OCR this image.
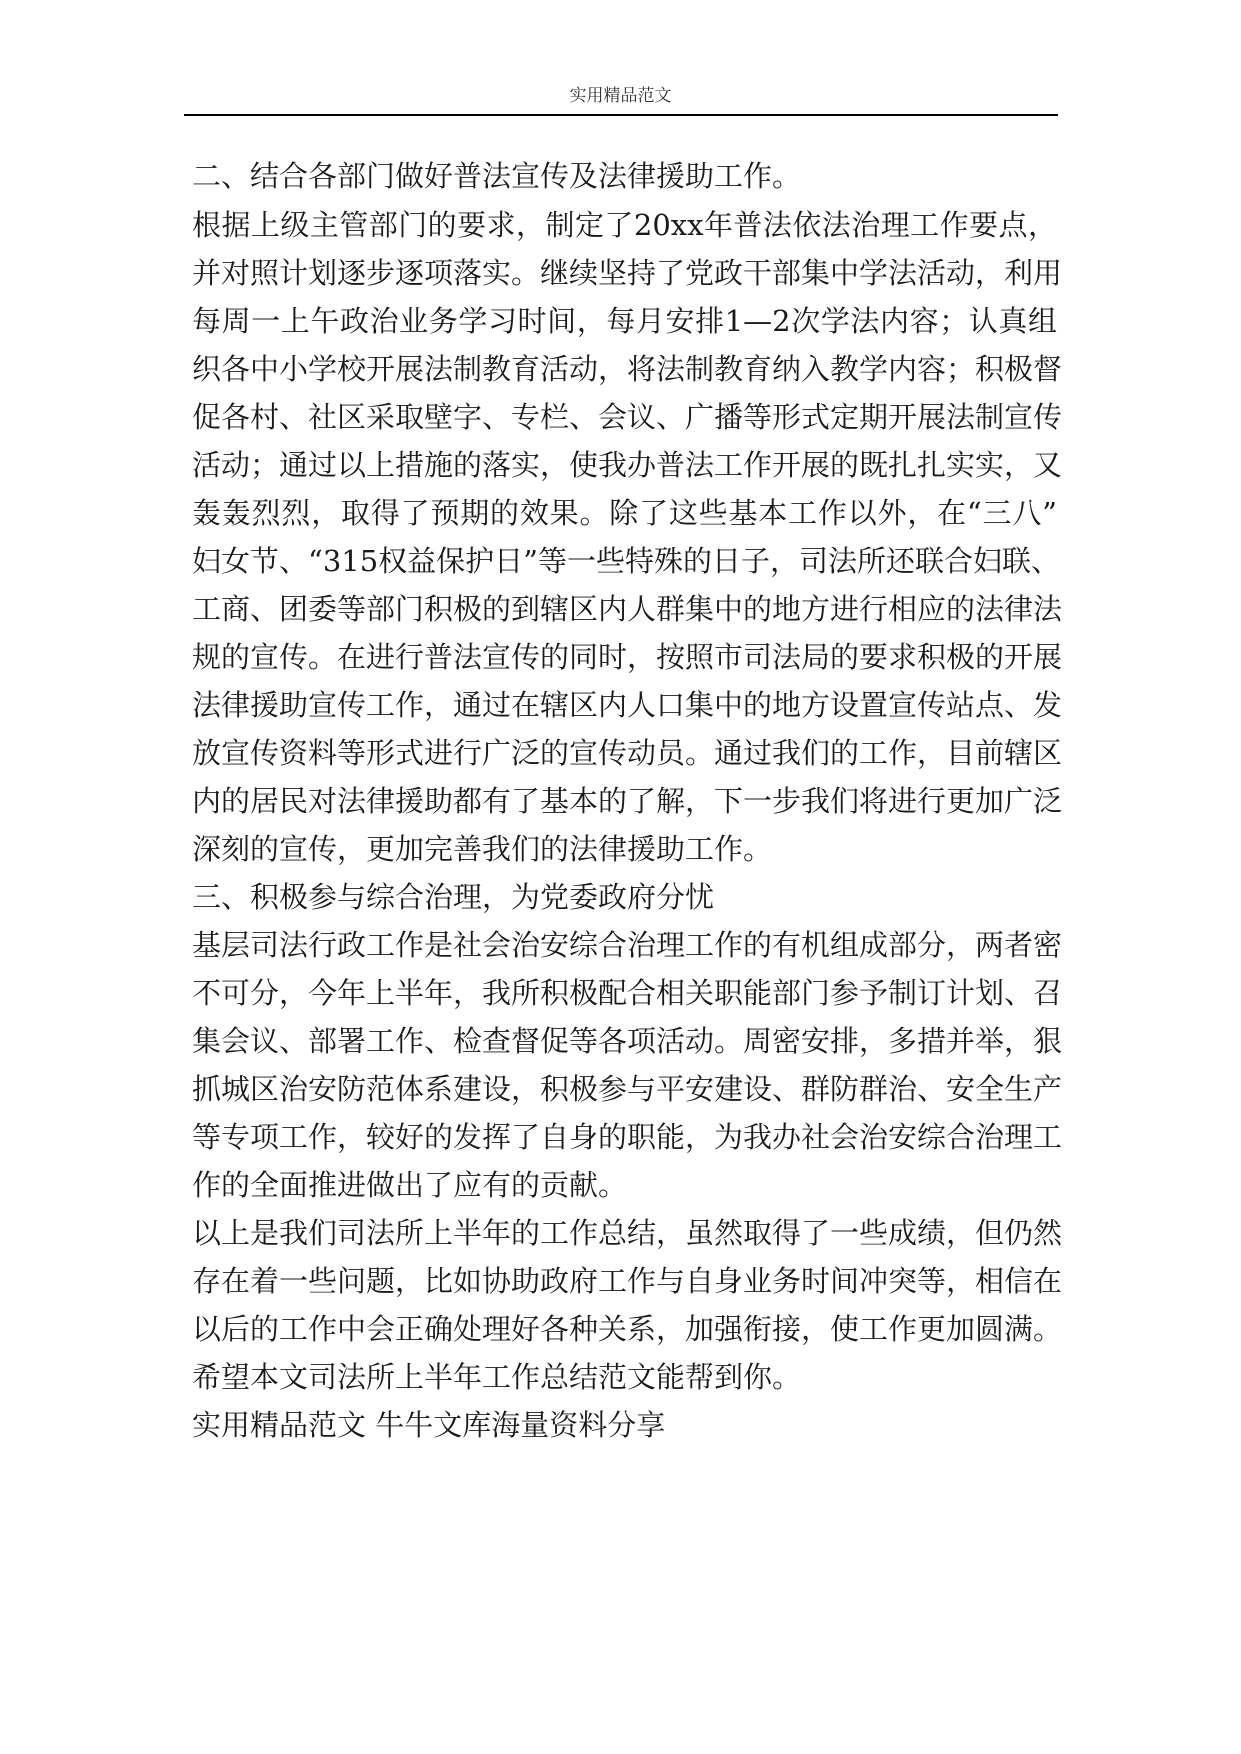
实用精品范文
二、结合各部门做好普法宣传及法律援助工作。
根据上级主管部门的要求，制定了20xx年普法依法治理工作要点，
并对照计划逐步逐项落实。继续坚持了党政干部集中学法活动，利用
每周一上午政治业务学习时间，每月安排1—2次学法内容；认真组
织各中小学校开展法制教育活动，将法制教育纳入教学内容；积极督
促各村、社区采取壁字、专栏、会议、广播等形式定期开展法制宣传
活动；通过以上措施的落实，使我办普法工作开展的既扎扎实实，又
轰轰烈烈，取得了预期的效果。除了这些基本工作以外，在“三八”
妇女节、“315权益保护日”等一些特殊的日子，司法所还联合妇联、
工商、团委等部门积极的到辖区内人群集中的地方进行相应的法律法
规的宣传。在进行普法宣传的同时，按照市司法局的要求积极的开展
法律援助宣传工作，通过在辖区内人口集中的地方设置宣传站点、发
放宣传资料等形式进行广泛的宣传动员。通过我们的工作，目前辖区
内的居民对法律援助都有了基本的了解，下一步我们将进行更加广泛
深刻的宣传，更加完善我们的法律援助工作。
三、积极参与综合治理，为党委政府分忧
基层司法行政工作是社会治安综合治理工作的有机组成部分，两者密
不可分，今年上半年，我所积极配合相关职能部门参予制订计划、召
集会议、部署工作、检查督促等各项活动。周密安排，多措并举，狠
抓城区治安防范体系建设，积极参与平安建设、群防群治、安全生产
等专项工作，较好的发挥了自身的职能，为我办社会治安综合治理工
作的全面推进做出了应有的贡献。
以上是我们司法所上半年的工作总结，虽然取得了一些成绩，但仍然
存在着一些问题，比如协助政府工作与自身业务时间冲突等，相信在
以后的工作中会正确处理好各种关系，加强衔接，使工作更加圆满。
希望本文司法所上半年工作总结范文能帮到你。
实用精品范文 牛牛文库海量资料分享
